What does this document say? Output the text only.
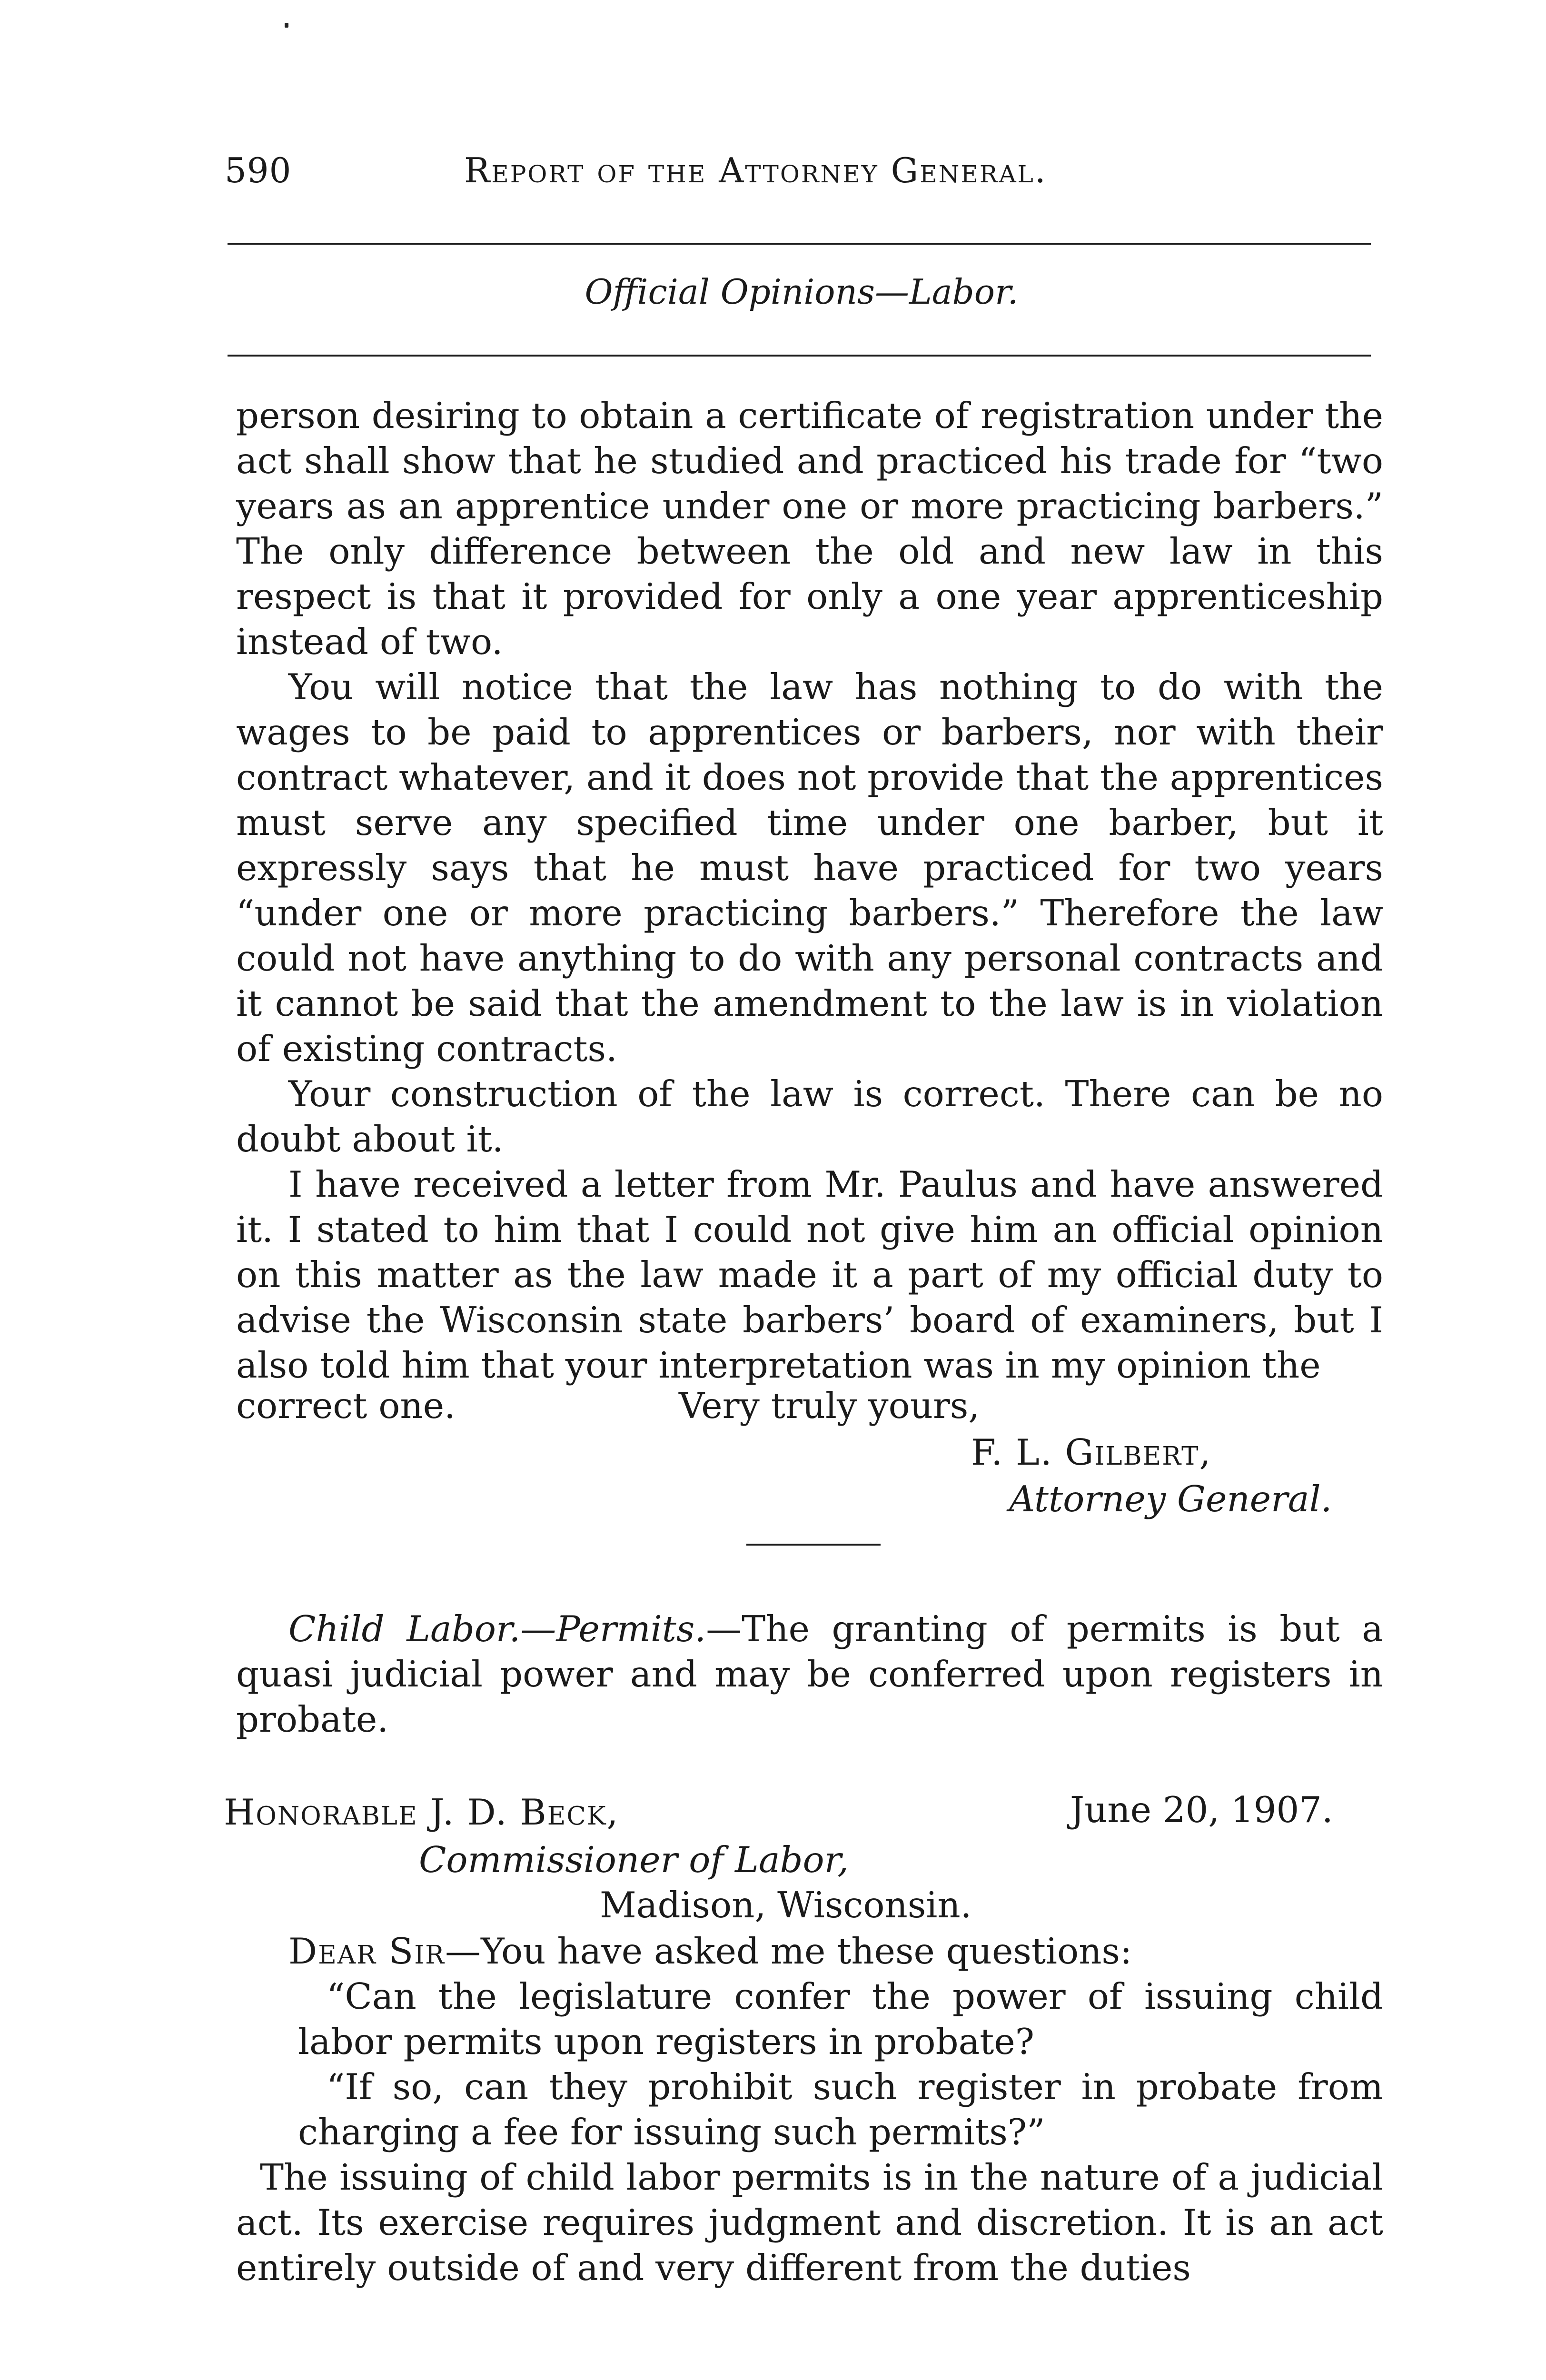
590	Report of the Attorney General.
Official Opinions—Labor.

person desiring to obtain a certificate of registration under the act shall show that he studied and practiced his trade for “two years as an apprentice under one or more practicing barbers.” The only difference between the old and new law in this respect is that it provided for only a one year apprenticeship instead of two.

You will notice that the law has nothing to do with the wages to be paid to apprentices or barbers, nor with their contract whatever, and it does not provide that the apprentices must serve any specified time under one barber, but it expressly says that he must have practiced for two years “under one or more practicing barbers.” Therefore the law could not have anything to do with any personal contracts and it cannot be said that the amendment to the law is in violation of existing contracts.

Your construction of the law is correct. There can be no doubt about it.

I have received a letter from Mr. Paulus and have answered it. I stated to him that I could not give him an official opinion on this matter as the law made it a part of my official duty to advise the Wisconsin state barbers’ board of examiners, but I also told him that your interpretation was in my opinion the

correct one.	Very truly yours,
F. L. Gilbert,
Attorney General.

Child Labor.—Permits.—The granting of permits is but a quasi judicial power and may be conferred upon registers in probate.

Honorable J. D. Beck,	June 20, 1907.
Commissioner of Labor,
Madison, Wisconsin.

Dear Sir—You have asked me these questions:

“Can the legislature confer the power of issuing child labor permits upon registers in probate?

“If so, can they prohibit such register in probate from charging a fee for issuing such permits?”

The issuing of child labor permits is in the nature of a judicial act. Its exercise requires judgment and discretion. It is an act entirely outside of and very different from the duties
